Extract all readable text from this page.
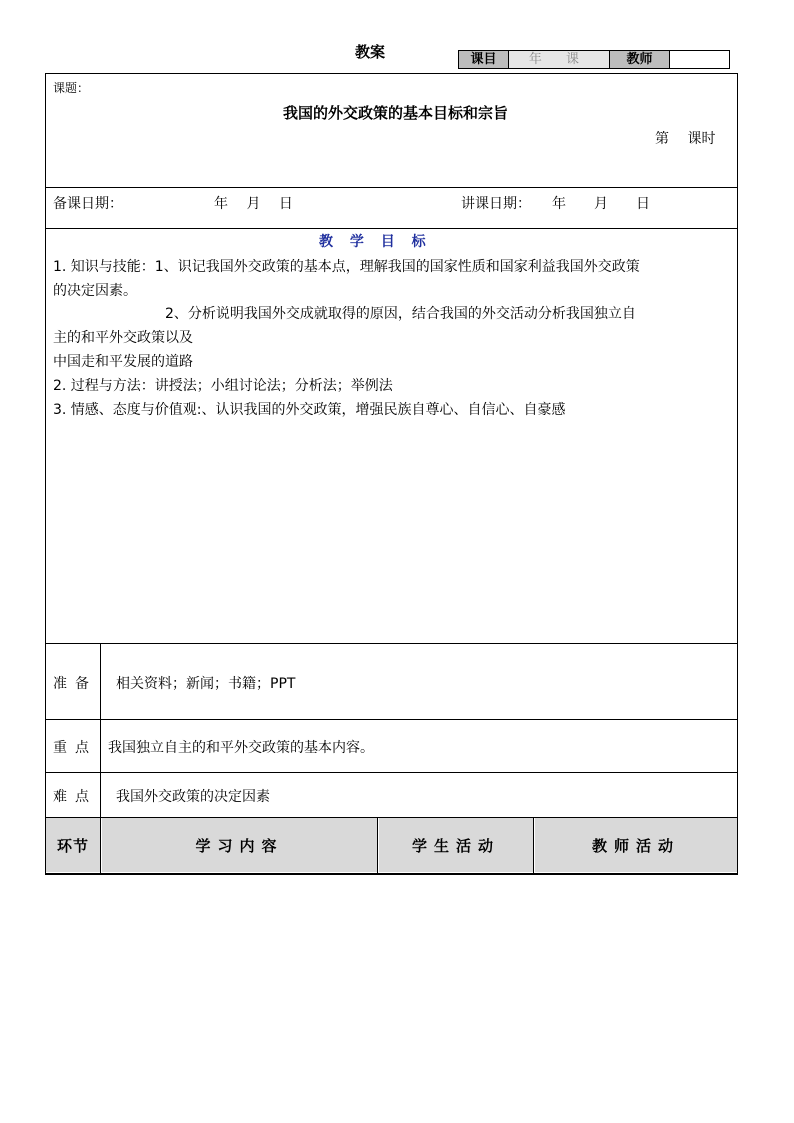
教案	课目	年 课	教师
课题：
我国的外交政策的基本目标和宗旨
第　 课时
备课日期：　　　　　　　年　 月　 日	讲课日期：　　年　　月　　日
教 学 目 标
1. 知识与技能：1、识记我国外交政策的基本点，理解我国的国家性质和国家利益我国外交政策
的决定因素。
　　　　　　　　2、分析说明我国外交成就取得的原因，结合我国的外交活动分析我国独立自
主的和平外交政策以及
中国走和平发展的道路
2. 过程与方法：讲授法；小组讨论法；分析法；举例法
3. 情感、态度与价值观:、认识我国的外交政策，增强民族自尊心、自信心、自豪感
准备 相关资料；新闻；书籍；PPT
重点 我国独立自主的和平外交政策的基本内容。
难点 我国外交政策的决定因素
环节	学习内容	学生活动	教师活动
